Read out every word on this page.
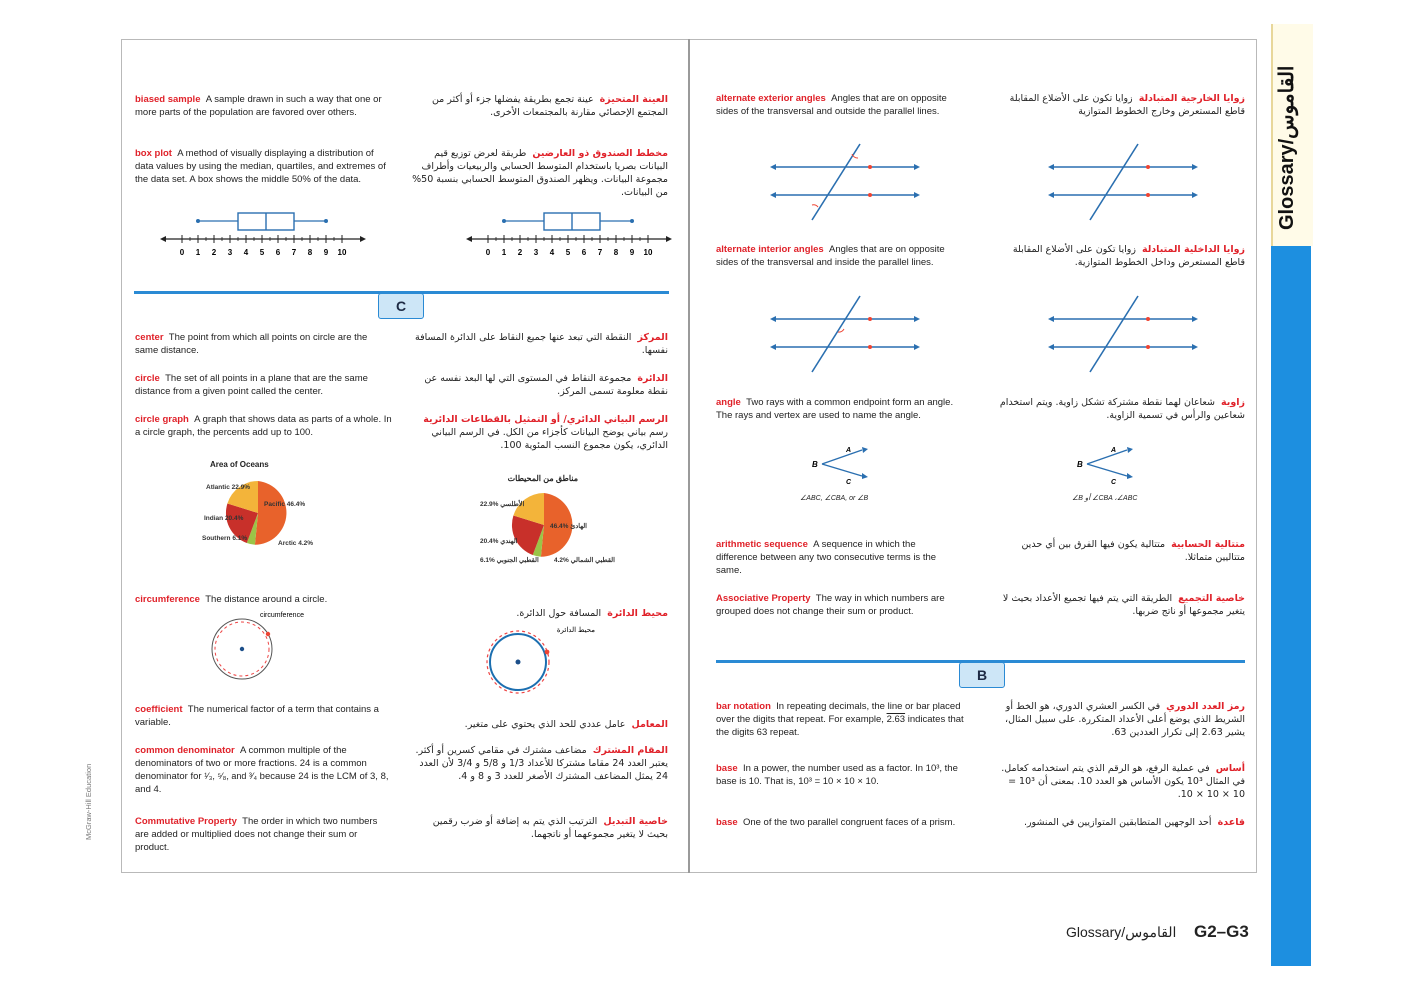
Glossary/القاموس
McGraw-Hill Education
biased sample A sample drawn in such a way that one or more parts of the population are favored over others.
العينة المتحيزة  عينة تجمع بطريقة يفضلها جزء أو أكثر من المجتمع الإحصائي مقارنة بالمجتمعات الأخرى.
box plot A method of visually displaying a distribution of data values by using the median, quartiles, and extremes of the data set. A box shows the middle 50% of the data.
مخطط الصندوق ذو العارضين  طريقة لعرض توزيع قيم البيانات بصريا باستخدام المتوسط الحسابي والربيعيات وأطراف مجموعة البيانات. ويظهر الصندوق المتوسط الحسابي بنسبة 50% من البيانات.
0 1 2 3 4 5 6 7 8 9 10	0 1 2 3 4 5 6 7 8 9 10
C
center The point from which all points on circle are the same distance.
المركز  النقطة التي تبعد عنها جميع النقاط على الدائرة المسافة نفسها.
circle The set of all points in a plane that are the same distance from a given point called the center.
الدائرة  مجموعة النقاط في المستوى التي لها البعد نفسه عن نقطة معلومة تسمى المركز.
circle graph A graph that shows data as parts of a whole. In a circle graph, the percents add up to 100.
الرسم البياني الدائري/ أو التمثيل بالقطاعات الدائرية  رسم بياني يوضح البيانات كأجزاء من الكل. في الرسم البياني الدائري، يكون مجموع النسب المئوية 100.
Area of Oceans
Atlantic 22.9%
Pacific 46.4%
Indian 20.4%
Southern 6.1%
Arctic 4.2%
مناطق من المحيطات
الأطلسي %22.9
الهادئ %46.4
الهندي %20.4
القطبي الجنوبي %6.1 القطبي الشمالي %4.2
circumference The distance around a circle.
محيط الدائرة  المسافة حول الدائرة.
circumference
محيط الدائرة
coefficient The numerical factor of a term that contains a variable.	المعامل  عامل عددي للحد الذي يحتوي على متغير.
common denominator A common multiple of the denominators of two or more fractions. 24 is a common denominator for ¹⁄₃, ⁵⁄₈, and ³⁄₄ because 24 is the LCM of 3, 8, and 4.
المقام المشترك  مضاعف مشترك في مقامي كسرين أو أكثر. يعتبر العدد 24 مقاما مشتركا للأعداد 1/3 و 5/8 و 3/4 لأن العدد 24 يمثل المضاعف المشترك الأصغر للعدد 3 و 8 و 4.
Commutative Property The order in which two numbers are added or multiplied does not change their sum or product.
خاصية التبديل  الترتيب الذي يتم به إضافة أو ضرب رقمين بحيث لا يتغير مجموعهما أو ناتجهما.
alternate exterior angles Angles that are on opposite sides of the transversal and outside the parallel lines.
زوايا الخارجية المتبادلة  زوايا تكون على الأضلاع المقابلة قاطع المستعرض وخارج الخطوط المتوازية
alternate interior angles Angles that are on opposite sides of the transversal and inside the parallel lines.
زوايا الداخلية المتبادلة  زوايا تكون على الأضلاع المقابلة قاطع المستعرض وداخل الخطوط المتوازية.
angle Two rays with a common endpoint form an angle. The rays and vertex are used to name the angle.
زاوية  شعاعان لهما نقطة مشتركة تشكل زاوية. ويتم استخدام شعاعين والرأس في تسمية الزاوية.
B
A
C
∠ABC, ∠CBA, or ∠B
B
A
C
∠B أو ∠CBA ،∠ABC
arithmetic sequence A sequence in which the difference between any two consecutive terms is the same.
متتالية الحسابية  متتالية يكون فيها الفرق بين أي حدين متتاليين متماثلا.
Associative Property The way in which numbers are grouped does not change their sum or product.
خاصية التجميع  الطريقة التي يتم فيها تجميع الأعداد بحيث لا يتغير مجموعها أو ناتج ضربها.
B
bar notation In repeating decimals, the line or bar placed over the digits that repeat. For example, 2.63 indicates that the digits 63 repeat.
رمز العدد الدوري  في الكسر العشري الدوري، هو الخط أو الشريط الذي يوضع أعلى الأعداد المتكررة. على سبيل المثال، يشير 2.63 إلى تكرار العددين 63.
base In a power, the number used as a factor. In 10³, the base is 10. That is, 10³ = 10 × 10 × 10.
أساس  في عملية الرفع، هو الرقم الذي يتم استخدامه كعامل. في المثال 10³ يكون الأساس هو العدد 10. بمعنى أن 10³ = 10 × 10 × 10.
base One of the two parallel congruent faces of a prism.	قاعدة  أحد الوجهين المتطابقين المتوازيين في المنشور.
Glossary/القاموس G2–G3
